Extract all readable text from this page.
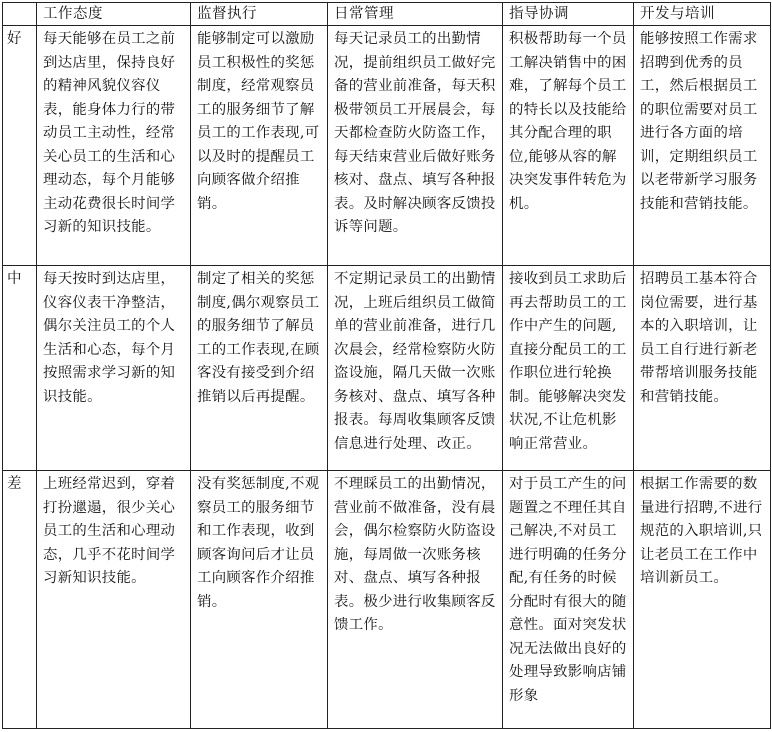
	工作态度	监督执行	日常管理	指导协调	开发与培训
好	每天能够在员工之前到达店里，保持良好的精神风貌仪容仪表，能身体力行的带动员工主动性，经常关心员工的生活和心理动态，每个月能够主动花费很长时间学习新的知识技能。	能够制定可以激励员工积极性的奖惩制度，经常观察员工的服务细节了解员工的工作表现,可以及时的提醒员工向顾客做介绍推销。	每天记录员工的出勤情况，提前组织员工做好完备的营业前准备，每天积极带领员工开展晨会，每天都检查防火防盗工作，每天结束营业后做好账务核对、盘点、填写各种报表。及时解决顾客反馈投诉等问题。	积极帮助每一个员工解决销售中的困难，了解每个员工的特长以及技能给其分配合理的职位,能够从容的解决突发事件转危为机。	能够按照工作需求招聘到优秀的员工，然后根据员工的职位需要对员工进行各方面的培训，定期组织员工以老带新学习服务技能和营销技能。
中	每天按时到达店里，仪容仪表干净整洁，偶尔关注员工的个人生活和心态，每个月按照需求学习新的知识技能。	制定了相关的奖惩制度,偶尔观察员工的服务细节了解员工的工作表现,在顾客没有接受到介绍推销以后再提醒。	不定期记录员工的出勤情况，上班后组织员工做简单的营业前准备，进行几次晨会，经常检察防火防盗设施，隔几天做一次账务核对、盘点、填写各种报表。每周收集顾客反馈信息进行处理、改正。	接收到员工求助后再去帮助员工的工作中产生的问题,直接分配员工的工作职位进行轮换制。能够解决突发状况,不让危机影响正常营业。	招聘员工基本符合岗位需要，进行基本的入职培训，让员工自行进行新老带帮培训服务技能和营销技能。
差	上班经常迟到，穿着打扮邋遢，很少关心员工的生活和心理动态，几乎不花时间学习新知识技能。	没有奖惩制度,不观察员工的服务细节和工作表现，收到顾客询问后才让员工向顾客作介绍推销。	不理睬员工的出勤情况，营业前不做准备，没有晨会，偶尔检察防火防盗设施，每周做一次账务核对、盘点、填写各种报表。极少进行收集顾客反馈工作。	对于员工产生的问题置之不理任其自己解决,不对员工进行明确的任务分配,有任务的时候分配时有很大的随意性。面对突发状况无法做出良好的处理导致影响店铺形象	根据工作需要的数量进行招聘,不进行规范的入职培训,只让老员工在工作中培训新员工。
